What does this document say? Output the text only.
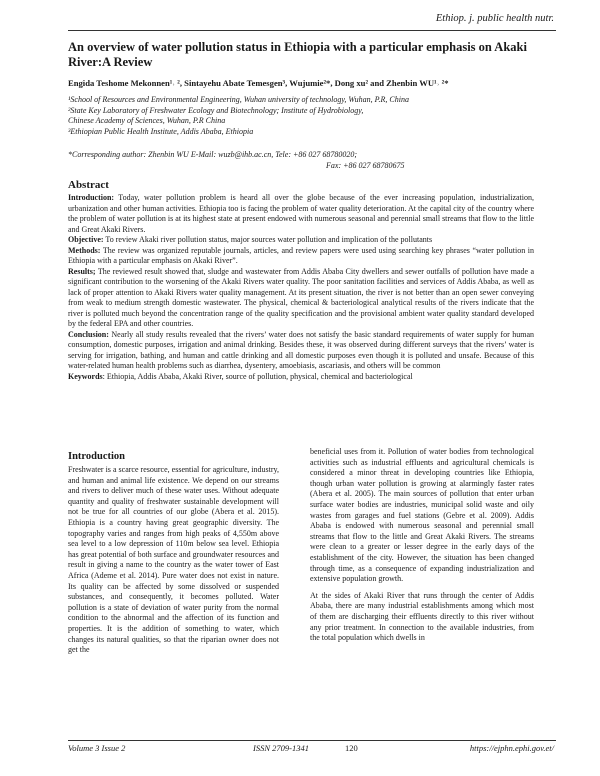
Ethiop. j. public health nutr.
An overview of water pollution status in Ethiopia with a particular emphasis on Akaki River:A Review
Engida Teshome Mekonnen¹˒ ², Sintayehu Abate Temesgen³, Wujumie²*, Dong xu² and Zhenbin WU¹˒ ²*
¹School of Resources and Environmental Engineering, Wuhan university of technology, Wuhan, P.R, China
²State Key Laboratory of Freshwater Ecology and Biotechnology; Institute of Hydrobiology,
Chinese Academy of Sciences, Wuhan, P.R China
³Ethiopian Public Health Institute, Addis Ababa, Ethiopia
*Corresponding author: Zhenbin WU E-Mail: wuzb@ihb.ac.cn, Tele: +86 027 68780020;
Fax: +86 027 68780675
Abstract

Introduction: Today, water pollution problem is heard all over the globe because of the ever increasing population, industrialization, urbanization and other human activities. Ethiopia too is facing the problem of water quality deterioration. At the capital city of the country where the problem of water pollution is at its highest state at present endowed with numerous seasonal and perennial small streams that flow to the little and Great Akaki Rivers.

Objective: To review Akaki river pollution status, major sources water pollution and implication of the pollutants

Methods: The review was organized reputable journals, articles, and review papers were used using searching key phrases “water pollution in Ethiopia with a particular emphasis on Akaki River”.

Results; The reviewed result showed that, sludge and wastewater from Addis Ababa City dwellers and sewer outfalls of pollution have made a significant contribution to the worsening of the Akaki Rivers water quality. The poor sanitation facilities and services of Addis Ababa, as well as lack of proper attention to Akaki Rivers water quality management. At its present situation, the river is not better than an open sewer conveying from weak to medium strength domestic wastewater. The physical, chemical & bacteriological analytical results of the rivers indicate that the river is polluted much beyond the concentration range of the quality specification and the provisional ambient water quality standard developed by the federal EPA and other countries.

Conclusion: Nearly all study results revealed that the rivers’ water does not satisfy the basic standard requirements of water supply for human consumption, domestic purposes, irrigation and animal drinking. Besides these, it was observed during different surveys that the rivers’ water is serving for irrigation, bathing, and human and cattle drinking and all domestic purposes even though it is polluted and unsafe. Because of this water-related human health problems such as diarrhea, dysentery, amoebiasis, ascariasis, and others will be common

Keywords: Ethiopia, Addis Ababa, Akaki River, source of pollution, physical, chemical and bacteriological

Introduction

Freshwater is a scarce resource, essential for agriculture, industry, and human and animal life existence. We depend on our streams and rivers to deliver much of these water uses. Without adequate quantity and quality of freshwater sustainable development will not be true for all countries of our globe (Abera et al. 2015). Ethiopia is a country having great geographic diversity. The topography varies and ranges from high peaks of 4,550m above sea level to a low depression of 110m below sea level. Ethiopia has great potential of both surface and groundwater resources and result in giving a name to the country as the water tower of East Africa (Ademe et al. 2014). Pure water does not exist in nature. Its quality can be affected by some dissolved or suspended substances, and consequently, it becomes polluted. Water pollution is a state of deviation of water purity from the normal condition to the abnormal and the affection of its function and properties. It is the addition of something to water, which changes its natural qualities, so that the riparian owner does not get the

beneficial uses from it. Pollution of water bodies from technological activities such as industrial effluents and agricultural chemicals is considered a minor threat in developing countries like Ethiopia, though urban water pollution is growing at alarmingly faster rates (Abera et al. 2005). The main sources of pollution that enter urban surface water bodies are industries, municipal solid waste and oily wastes from garages and fuel stations (Gebre et al. 2009). Addis Ababa is endowed with numerous seasonal and perennial small streams that flow to the little and Great Akaki Rivers. The streams were clean to a greater or lesser degree in the early days of the establishment of the city. However, the situation has been changed through time, as a consequence of expanding industrialization and extensive population growth.

At the sides of Akaki River that runs through the center of Addis Ababa, there are many industrial establishments among which most of them are discharging their effluents directly to this river without any prior treatment. In connection to the available industries, from the total population which dwells in

Volume 3 Issue 2	ISSN 2709-1341	120	https://ejphn.ephi.gov.et/
